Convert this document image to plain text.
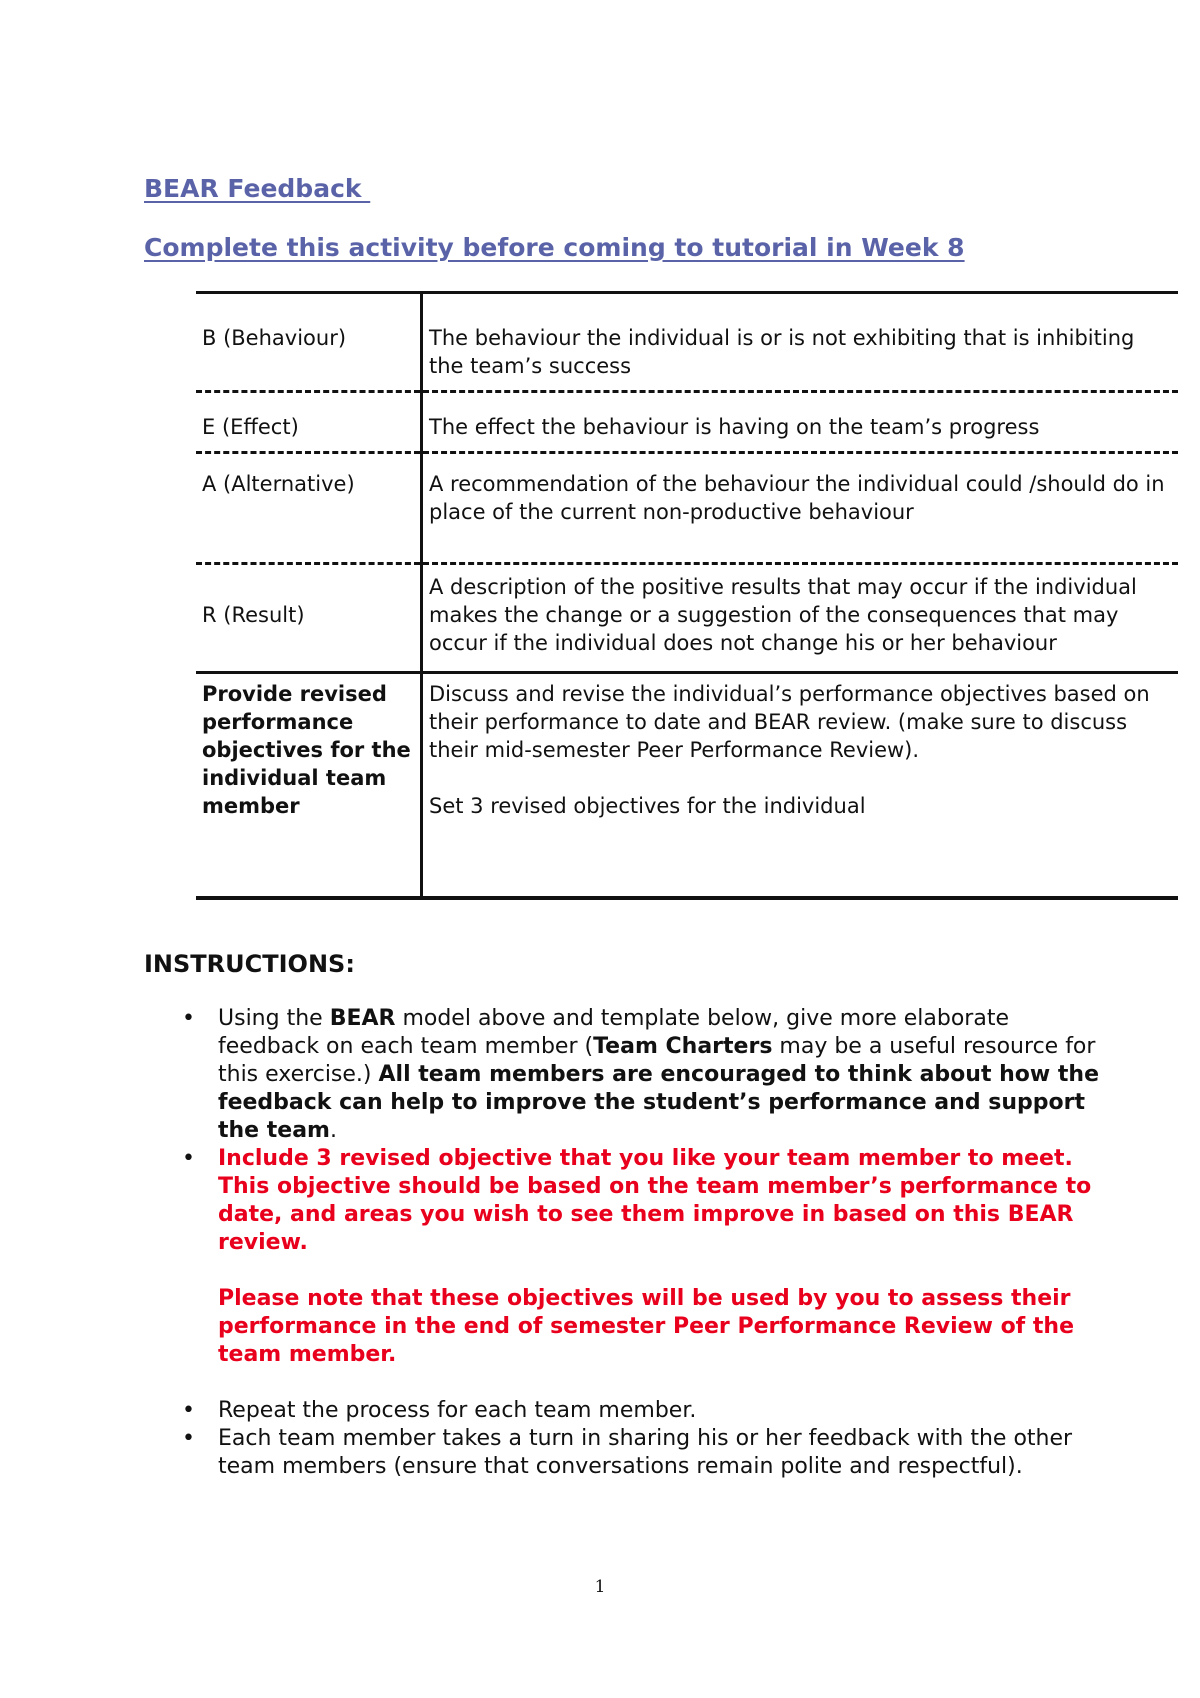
BEAR Feedback
Complete this activity before coming to tutorial in Week 8
B (Behaviour)	The behaviour the individual is or is not exhibiting that is inhibiting the team’s success
E (Effect)	The effect the behaviour is having on the team’s progress
A (Alternative)	A recommendation of the behaviour the individual could /should do in place of the current non-productive behaviour
R (Result)	A description of the positive results that may occur if the individual makes the change or a suggestion of the consequences that may occur if the individual does not change his or her behaviour
Provide revised performance objectives for the individual team member	Discuss and revise the individual’s performance objectives based on their performance to date and BEAR review. (make sure to discuss their mid-semester Peer Performance Review).
Set 3 revised objectives for the individual
INSTRUCTIONS:
• Using the BEAR model above and template below, give more elaborate feedback on each team member (Team Charters may be a useful resource for this exercise.) All team members are encouraged to think about how the feedback can help to improve the student’s performance and support the team.
• Include 3 revised objective that you like your team member to meet. This objective should be based on the team member’s performance to date, and areas you wish to see them improve in based on this BEAR review.
Please note that these objectives will be used by you to assess their performance in the end of semester Peer Performance Review of the team member.
• Repeat the process for each team member.
• Each team member takes a turn in sharing his or her feedback with the other team members (ensure that conversations remain polite and respectful).
1
